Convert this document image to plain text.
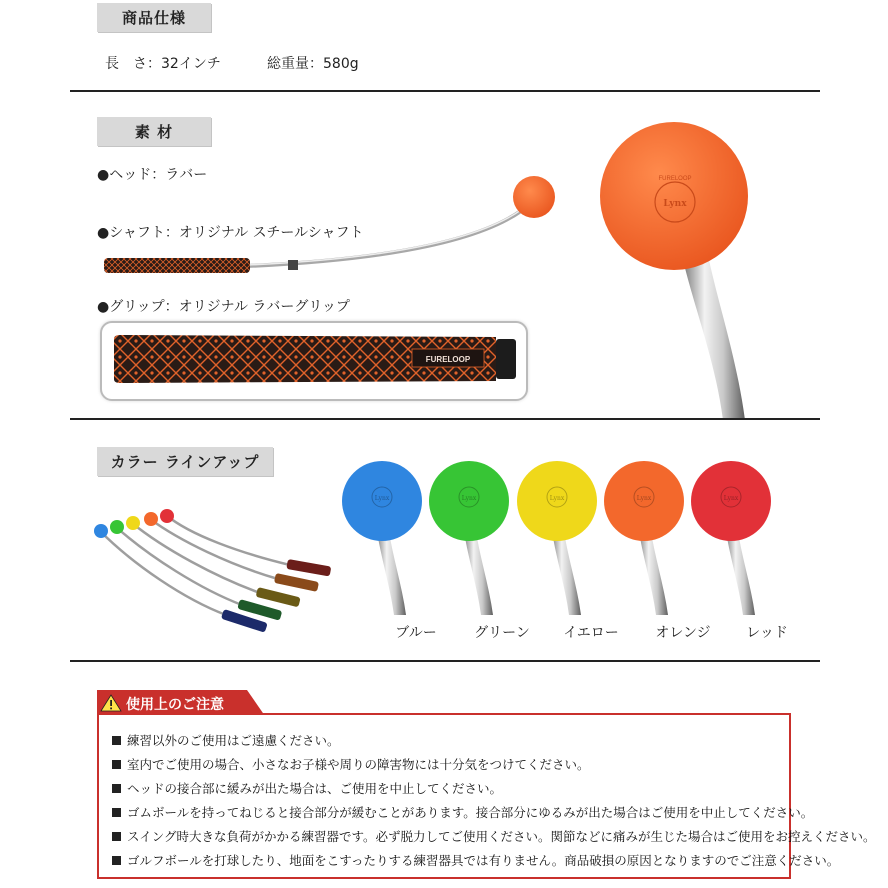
商品仕様
長　さ：32インチ	総重量：580g
素 材
●ヘッド：ラバー
●シャフト：オリジナル スチールシャフト
●グリップ：オリジナル ラバーグリップ
FURELOOP
Lynx
FURELOOP
カラー ラインアップ
Lynx	Lynx	Lynx	Lynx	Lynx
ブルー	グリーン	イエロー	オレンジ	レッド
使用上のご注意
練習以外のご使用はご遠慮ください。
室内でご使用の場合、小さなお子様や周りの障害物には十分気をつけてください。
ヘッドの接合部に緩みが出た場合は、ご使用を中止してください。
ゴムボールを持ってねじると接合部分が緩むことがあります。接合部分にゆるみが出た場合はご使用を中止してください。
スイング時大きな負荷がかかる練習器です。必ず脱力してご使用ください。関節などに痛みが生じた場合はご使用をお控えください。
ゴルフボールを打球したり、地面をこすったりする練習器具では有りません。商品破損の原因となりますのでご注意ください。
